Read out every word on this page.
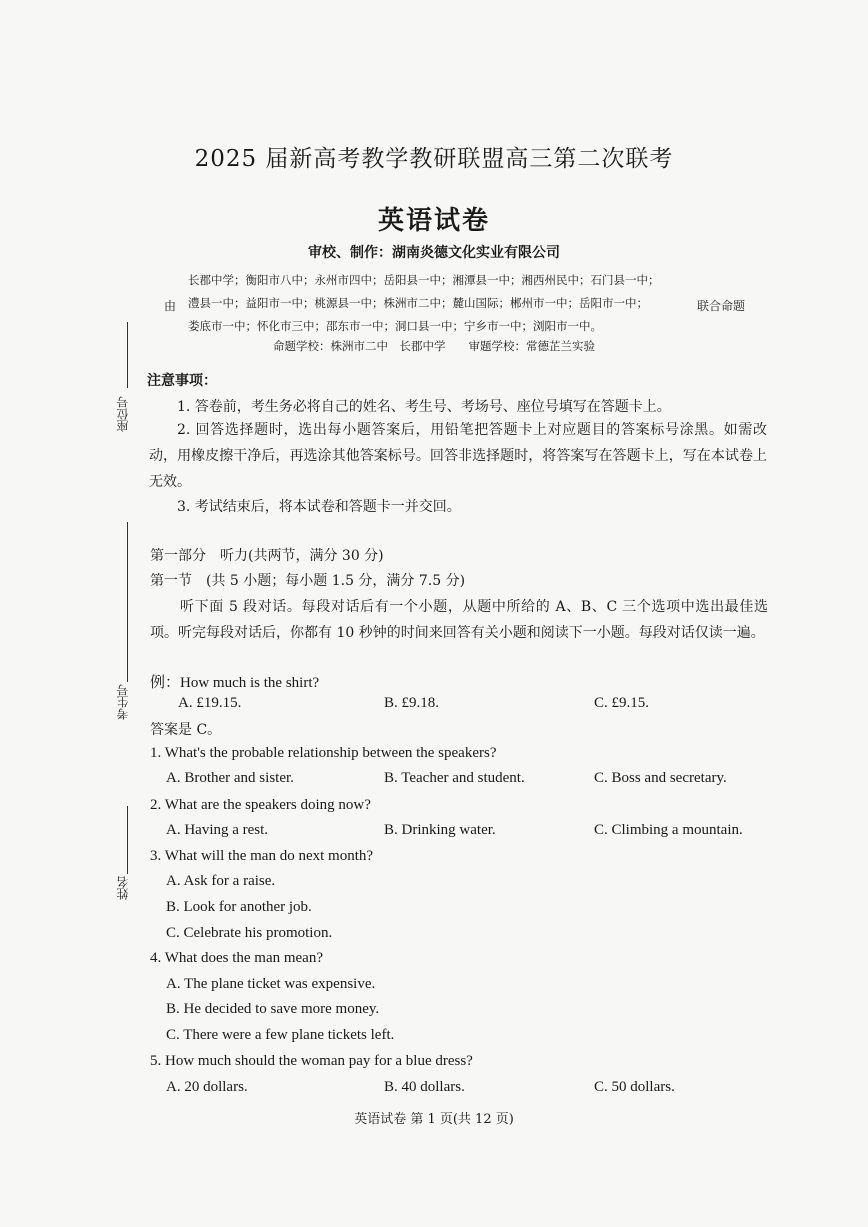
2025 届新高考教学教研联盟高三第二次联考
英语试卷
审校、制作：湖南炎德文化实业有限公司
长郡中学；衡阳市八中；永州市四中；岳阳县一中；湘潭县一中；湘西州民中；石门县一中；
澧县一中；益阳市一中；桃源县一中；株洲市二中；麓山国际；郴州市一中；岳阳市一中；
娄底市一中；怀化市三中；邵东市一中；洞口县一中；宁乡市一中；浏阳市一中。
由	联合命题
命题学校：株洲市二中　长郡中学　　审题学校：常德芷兰实验
座位号
考生号
姓名
注意事项：
1. 答卷前，考生务必将自己的姓名、考生号、考场号、座位号填写在答题卡上。
2. 回答选择题时，选出每小题答案后，用铅笔把答题卡上对应题目的答案标号涂黑。如需改动，用橡皮擦干净后，再选涂其他答案标号。回答非选择题时，将答案写在答题卡上，写在本试卷上无效。
3. 考试结束后，将本试卷和答题卡一并交回。
第一部分　听力(共两节，满分 30 分)
第一节　(共 5 小题；每小题 1.5 分，满分 7.5 分)
听下面 5 段对话。每段对话后有一个小题，从题中所给的 A、B、C 三个选项中选出最佳选项。听完每段对话后，你都有 10 秒钟的时间来回答有关小题和阅读下一小题。每段对话仅读一遍。
例：How much is the shirt?
A. £19.15.	B. £9.18.	C. £9.15.
答案是 C。
1. What's the probable relationship between the speakers?
A. Brother and sister.	B. Teacher and student.	C. Boss and secretary.
2. What are the speakers doing now?
A. Having a rest.	B. Drinking water.	C. Climbing a mountain.
3. What will the man do next month?
A. Ask for a raise.
B. Look for another job.
C. Celebrate his promotion.
4. What does the man mean?
A. The plane ticket was expensive.
B. He decided to save more money.
C. There were a few plane tickets left.
5. How much should the woman pay for a blue dress?
A. 20 dollars.	B. 40 dollars.	C. 50 dollars.
英语试卷 第 1 页(共 12 页)
